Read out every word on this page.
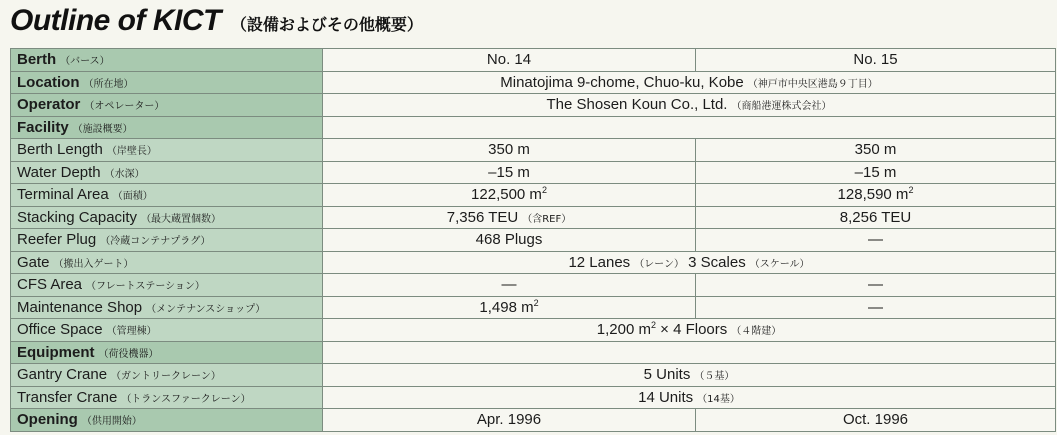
Outline of KICT （設備およびその他概要）
Berth （バース）	No. 14	No. 15
Location （所在地）	Minatojima 9-chome, Chuo-ku, Kobe （神戸市中央区港島９丁目）	
Operator （オペレーター）	The Shosen Koun Co., Ltd. （商船港運株式会社）	
Facility （施設概要）		
Berth Length （岸壁長）	350 m	350 m
Water Depth （水深）	–15 m	–15 m
Terminal Area （面積）	122,500 $m^2$	128,590 $m^2$
Stacking Capacity （最大蔵置個数）	7,356 TEU （含REF）	8,256 TEU
Reefer Plug （冷蔵コンテナプラグ）	468 Plugs	—
Gate （搬出入ゲート）	12 Lanes （レーン） 3 Scales （スケール）	
CFS Area （フレートステーション）	—	—
Maintenance Shop （メンテナンスショップ）	1,498 $m^2$	—
Office Space （管理棟）	1,200 $m^2 \times 4$ Floors （４階建）	
Equipment （荷役機器）		
Gantry Crane （ガントリークレーン）	5 Units （５基）	
Transfer Crane （トランスファークレーン）	14 Units （14基）	
Opening （供用開始）	Apr. 1996	Oct. 1996
